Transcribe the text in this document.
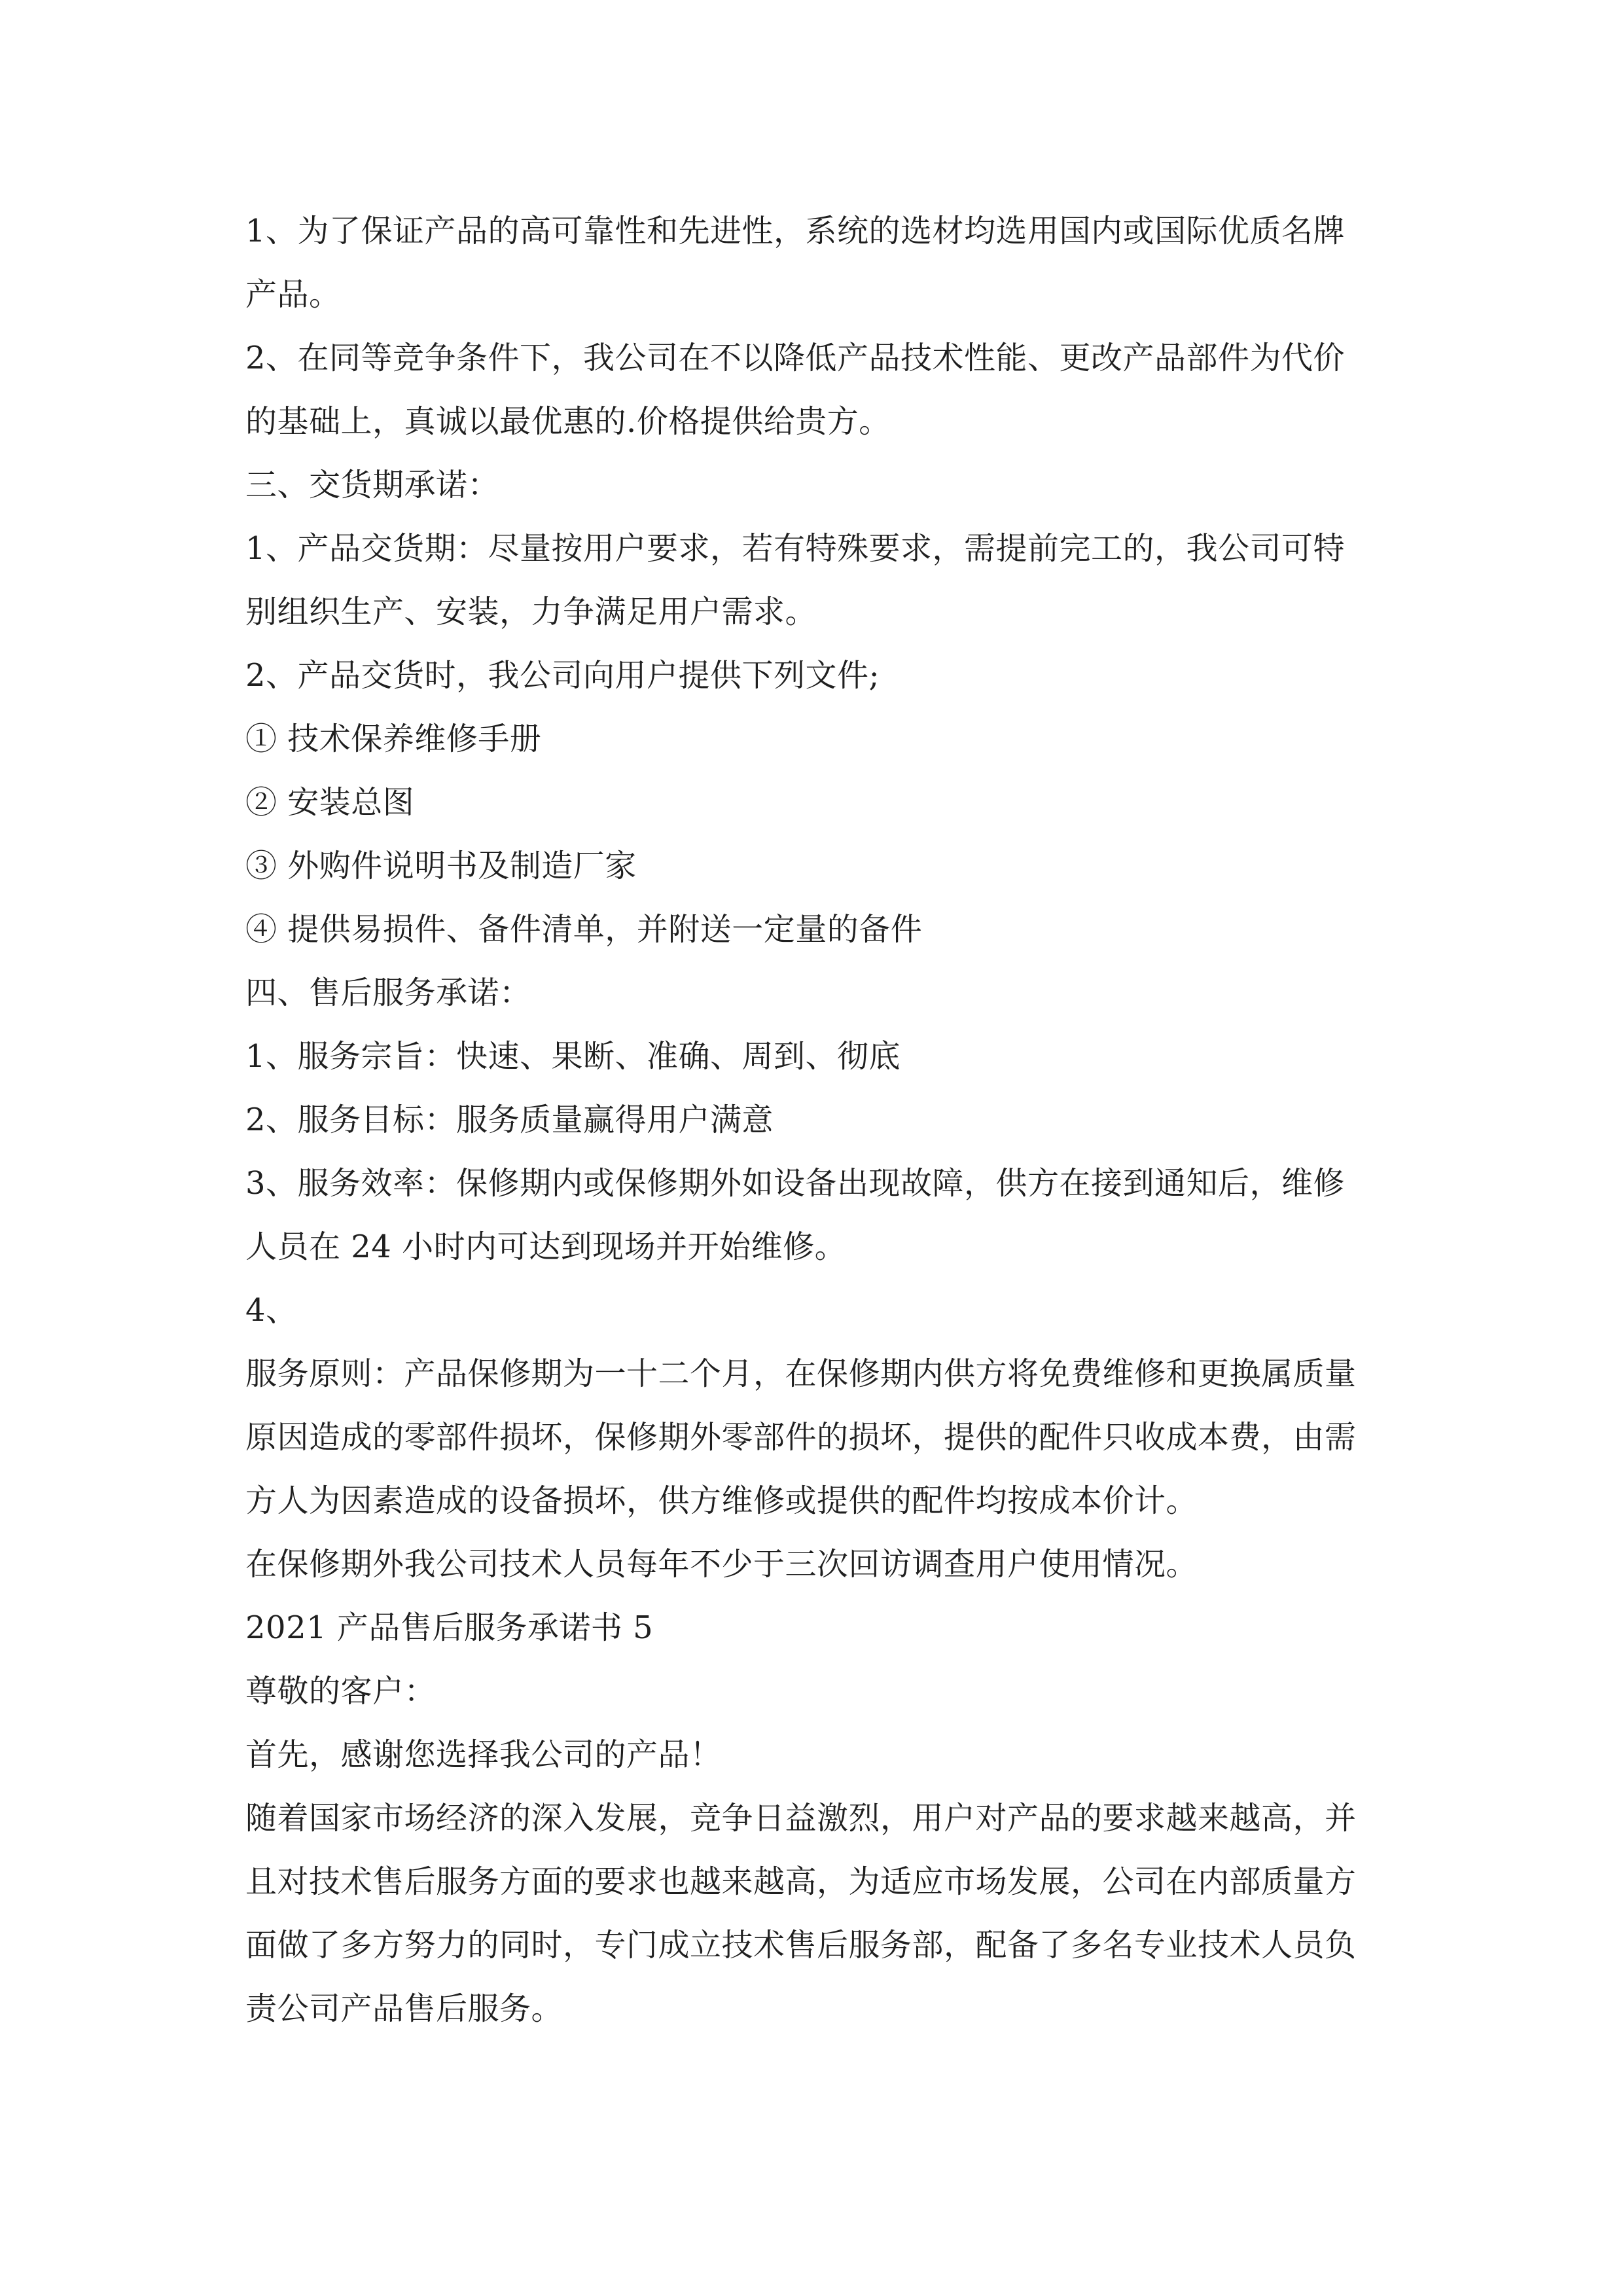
1、为了保证产品的高可靠性和先进性，系统的选材均选用国内或国际优质名牌
产品。
2、在同等竞争条件下，我公司在不以降低产品技术性能、更改产品部件为代价
的基础上，真诚以最优惠的.价格提供给贵方。
三、交货期承诺：
1、产品交货期：尽量按用户要求，若有特殊要求，需提前完工的，我公司可特
别组织生产、安装，力争满足用户需求。
2、产品交货时，我公司向用户提供下列文件;
① 技术保养维修手册
② 安装总图
③ 外购件说明书及制造厂家
④ 提供易损件、备件清单，并附送一定量的备件
四、售后服务承诺：
1、服务宗旨：快速、果断、准确、周到、彻底
2、服务目标：服务质量赢得用户满意
3、服务效率：保修期内或保修期外如设备出现故障，供方在接到通知后，维修
人员在 24 小时内可达到现场并开始维修。
4、
服务原则：产品保修期为一十二个月，在保修期内供方将免费维修和更换属质量
原因造成的零部件损坏，保修期外零部件的损坏，提供的配件只收成本费，由需
方人为因素造成的设备损坏，供方维修或提供的配件均按成本价计。
在保修期外我公司技术人员每年不少于三次回访调查用户使用情况。
2021 产品售后服务承诺书 5
尊敬的客户：
首先，感谢您选择我公司的产品！
随着国家市场经济的深入发展，竞争日益激烈，用户对产品的要求越来越高，并
且对技术售后服务方面的要求也越来越高，为适应市场发展，公司在内部质量方
面做了多方努力的同时，专门成立技术售后服务部，配备了多名专业技术人员负
责公司产品售后服务。
